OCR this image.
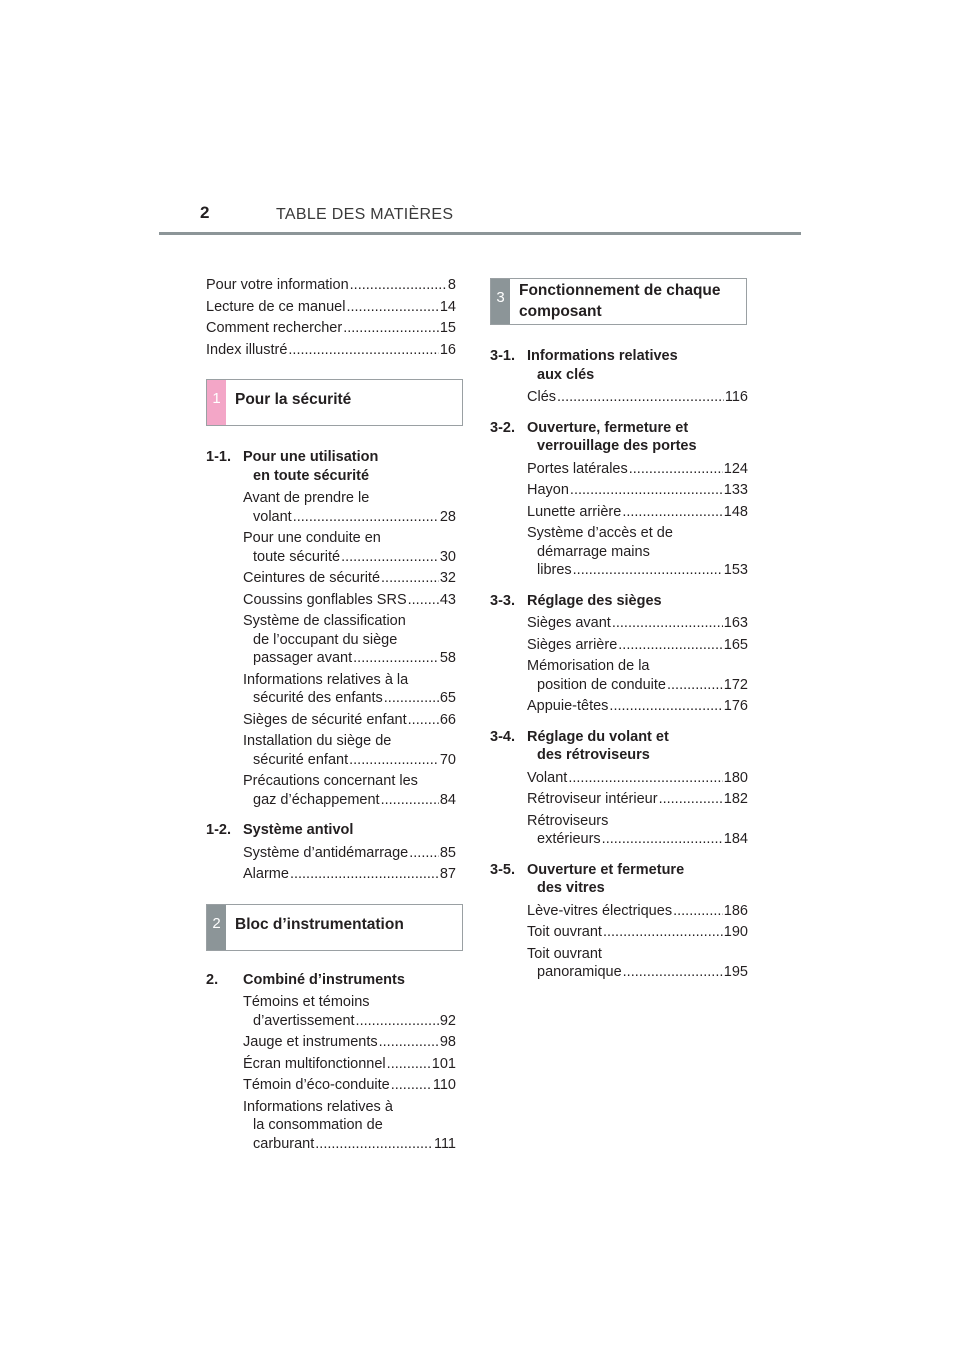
2	TABLE DES MATIÈRES
Pour votre information .....	8
Lecture de ce manuel .....	14
Comment rechercher .....	15
Index illustré .....	16
1 Pour la sécurité
1-1. Pour une utilisation
en toute sécurité
Avant de prendre le
volant .....	28
Pour une conduite en
toute sécurité .....	30
Ceintures de sécurité .....	32
Coussins gonflables SRS ..... 43
Système de classification
de l’occupant du siège
passager avant .....	58
Informations relatives à la
sécurité des enfants .....	65
Sièges de sécurité enfant ..... 66
Installation du siège de
sécurité enfant .....	70
Précautions concernant les
gaz d’échappement .....	84
1-2. Système antivol
Système d’antidémarrage ..... 85
Alarme .....	87
2 Bloc d’instrumentation
2.	Combiné d’instruments
Témoins et témoins
d’avertissement .....	92
Jauge et instruments .....	98
Écran multifonctionnel .....	101
Témoin d’éco-conduite .....	110
Informations relatives à
la consommation de
carburant .....	111
3 Fonctionnement de chaque
composant
3-1. Informations relatives
aux clés
Clés .....	116
3-2. Ouverture, fermeture et
verrouillage des portes
Portes latérales .....	124
Hayon .....	133
Lunette arrière .....	148
Système d’accès et de
démarrage mains
libres .....	153
3-3. Réglage des sièges
Sièges avant .....	163
Sièges arrière .....	165
Mémorisation de la
position de conduite .....	172
Appuie-têtes .....	176
3-4. Réglage du volant et
des rétroviseurs
Volant .....	180
Rétroviseur intérieur .....	182
Rétroviseurs
extérieurs .....	184
3-5. Ouverture et fermeture
des vitres
Lève-vitres électriques .....	186
Toit ouvrant .....	190
Toit ouvrant
panoramique .....	195
